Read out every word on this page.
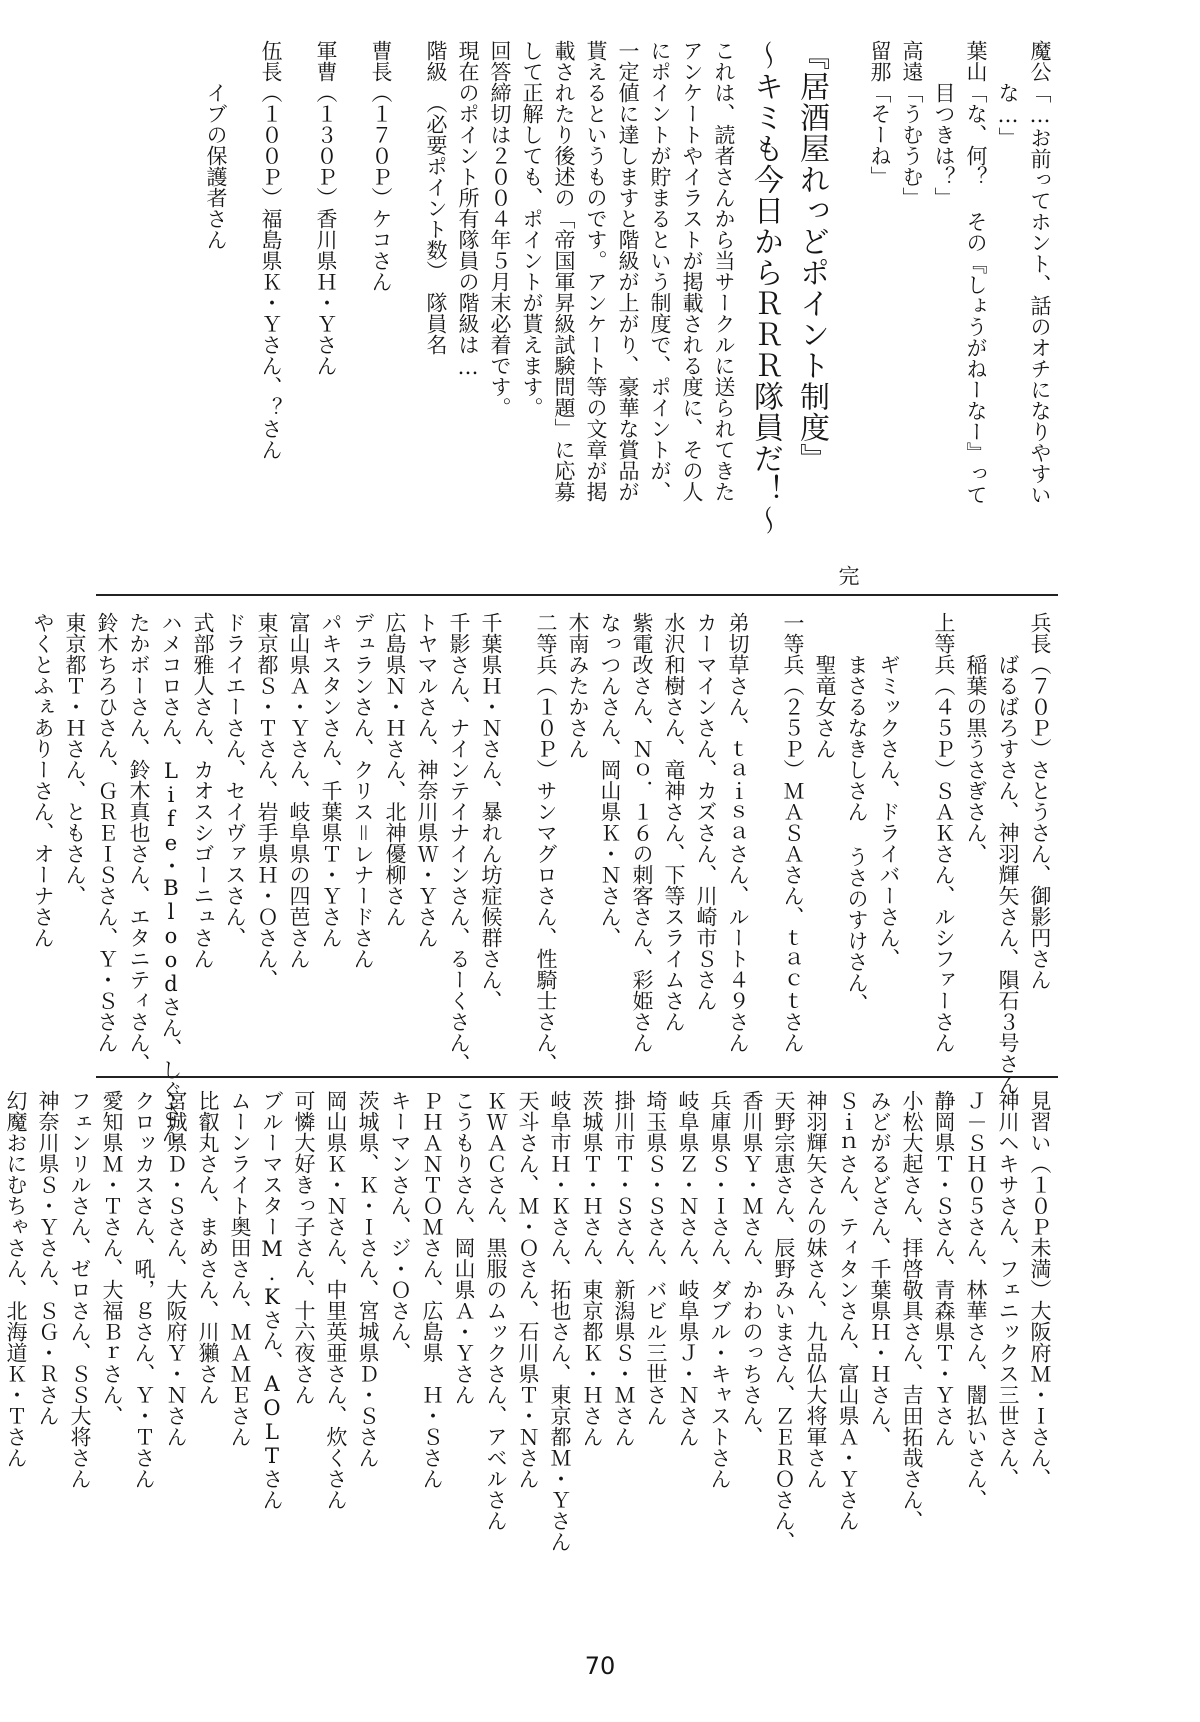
魔公「…お前ってホント、話のオチになりやすい
　　な…」
葉山「な、何？ その『しょうがねーなー』って
　　目つきは？」
高遠「うむうむ」
留那「そーね」
　　　　　　　　　　　　　　　　　　　　　　　　　完
『居酒屋れっどポイント制度』
～キミも今日からＲＲＲ隊員だ！～
これは、読者さんから当サークルに送られてきた
アンケートやイラストが掲載される度に、その人
にポイントが貯まるという制度で、ポイントが、
一定値に達しますと階級が上がり、豪華な賞品が
貰えるというものです。アンケート等の文章が掲
載されたり後述の「帝国軍昇級試験問題」に応募
して正解しても、ポイントが貰えます。
回答締切は２００４年５月末必着です。
現在のポイント所有隊員の階級は…
階級　（必要ポイント数）　隊員名
曹長（１７０Ｐ）ケコさん
軍曹（１３０Ｐ）香川県Ｈ・Ｙさん
伍長（１００Ｐ）福島県Ｋ・Ｙさん、？さん
　　イブの保護者さん
兵長（７０Ｐ）さとうさん、御影円さん
　　ばるばろすさん、神羽輝矢さん、隕石３号さん
　　稲葉の黒うさぎさん、
上等兵（４５Ｐ）ＳＡＫさん、ルシファーさん
　　ギミックさん、ドライバーさん、
　　まさるなきしさん うさのすけさん、
　　聖竜女さん
一等兵（２５Ｐ）ＭＡＳＡさん、ｔａｃｔさん
弟切草さん、ｔａｉｓａさん、ルート４９さん
カーマインさん、カズさん、川崎市Ｓさん
水沢和樹さん、竜神さん、下等スライムさん
紫電改さん、Ｎｏ．１６の刺客さん、彩姫さん
なっつんさん、岡山県Ｋ・Ｎさん、
木南みたかさん
二等兵（１０Ｐ）サンマグロさん、性騎士さん、
千葉県Ｈ・Ｎさん、暴れん坊症候群さん、
千影さん、ナインテイナインさん、るーくさん、
トヤマルさん、神奈川県Ｗ・Ｙさん
広島県Ｎ・Ｈさん、北神優柳さん
デュランさん、クリス＝レナードさん
パキスタンさん、千葉県Ｔ・Ｙさん
富山県Ａ・Ｙさん、岐阜県の四芭さん
東京都Ｓ・Ｔさん、岩手県Ｈ・Ｏさん、
ドライエーさん、セイヴァスさん、
式部雅人さん、カオスシゴーニュさん
ハメコロさん、Life･Bloodさん、しぐさん
たかボーさん、鈴木真也さん、エタニティさん、
鈴木ちろひさん、ＧＲＥＩＳさん、Ｙ・Ｓさん
東京都Ｔ・Ｈさん、ともさん、
やくとふぇありーさん、オーナさん
見習い（１０Ｐ未満）大阪府Ｍ・Ｉさん、
神川ヘキサさん、フェニックス三世さん、
Ｊ－ＳＨ０５さん、林華さん、闇払いさん、
静岡県Ｔ・Ｓさん、青森県Ｔ・Ｙさん
小松大起さん、拝啓敬具さん、吉田拓哉さん、
みどがるどさん、千葉県Ｈ・Ｈさん、
Ｓｉｎさん、ティタンさん、富山県Ａ・Ｙさん
神羽輝矢さんの妹さん、九品仏大将軍さん
天野宗恵さん、辰野みいまさん、ＺＥＲＯさん、
香川県Ｙ・Ｍさん、かわのっちさん、
兵庫県Ｓ・Ｉさん、ダブル・キャストさん
岐阜県Ｚ・Ｎさん、岐阜県Ｊ・Ｎさん
埼玉県Ｓ・Ｓさん、バビル三世さん
掛川市Ｔ・Ｓさん、新潟県Ｓ・Ｍさん
茨城県Ｔ・Ｈさん、東京都Ｋ・Ｈさん
岐阜市Ｈ・Ｋさん、拓也さん、東京都Ｍ・Ｙさん
天斗さん、Ｍ・Ｏさん、石川県Ｔ・Ｎさん
ＫＷＡＣさん、黒服のムックさん、アベルさん
こうもりさん、岡山県Ａ・Ｙさん
ＰＨＡＮＴＯＭさん、広島県　Ｈ・Ｓさん
キーマンさん、ジ・Ｏさん、
茨城県、Ｋ・Ｉさん、宮城県Ｄ・Ｓさん
岡山県Ｋ・Ｎさん、中里英亜さん、炊くさん
可憐大好きっ子さん、十六夜さん
ブルーマスターM.Kさん、AOLTさん
ムーンライト奥田さん、ＭＡＭＥさん
比叡丸さん、まめさん、川獺さん
宮城県Ｄ・Ｓさん、大阪府Ｙ・Ｎさん
クロッカスさん、吼，ｇさん、Ｙ・Ｔさん
愛知県Ｍ・Ｔさん、大福Ｂｒさん、
フェンリルさん、ゼロさん、ＳＳ大将さん
神奈川県Ｓ・Ｙさん、ＳＧ・Ｒさん
幻魔おにむちゃさん、北海道Ｋ・Ｔさん
70
